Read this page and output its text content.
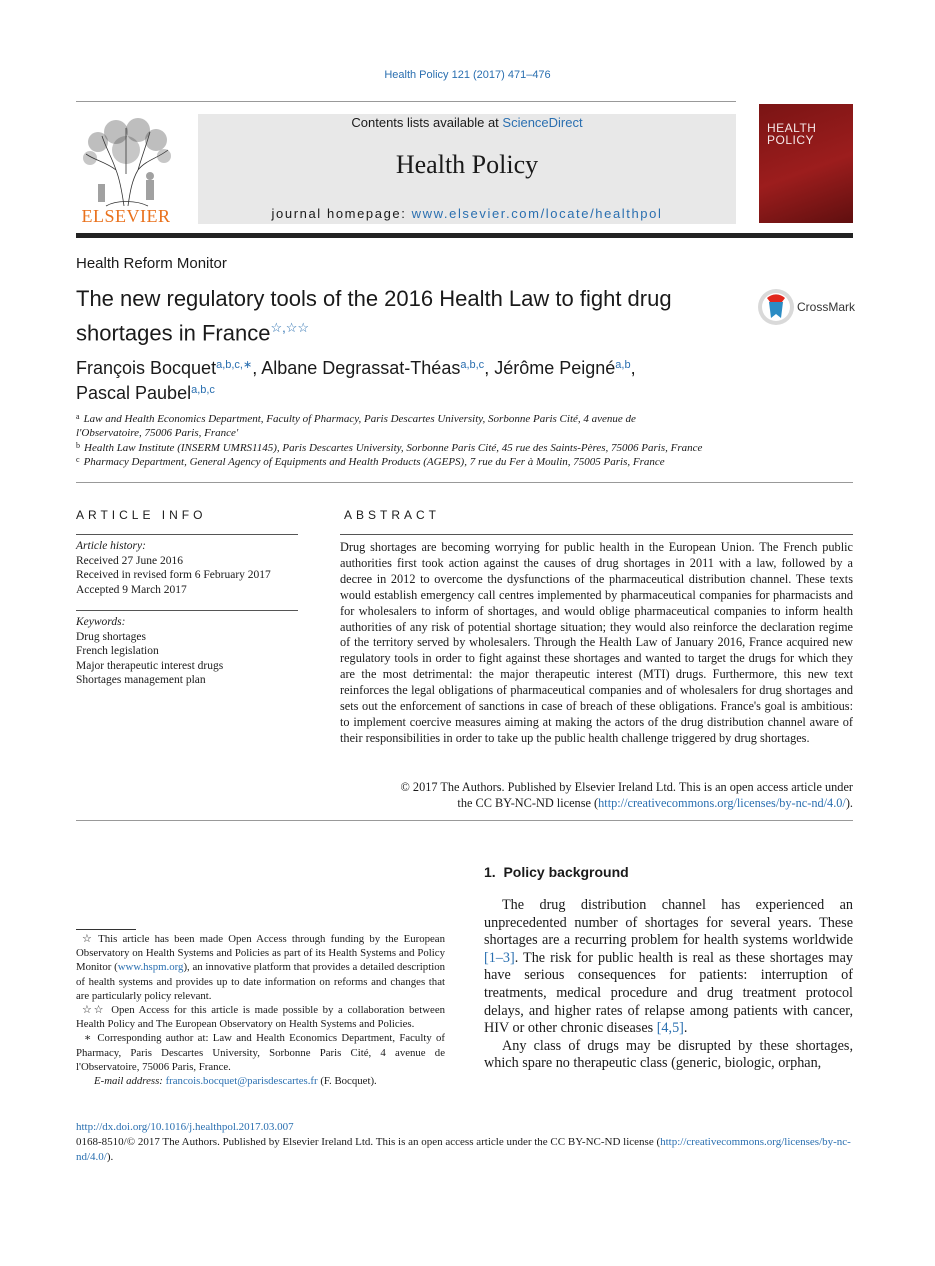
Health Policy 121 (2017) 471–476
ELSEVIER
Contents lists available at ScienceDirect
Health Policy
journal homepage: www.elsevier.com/locate/healthpol
HEALTH
POLICY
Health Reform Monitor
The new regulatory tools of the 2016 Health Law to fight drug shortages in France☆,☆☆
CrossMark
François Bocquet$^{a,b,c,∗}$, Albane Degrassat-Théas$^{a,b,c}$, Jérôme Peigné$^{a,b}$,
Pascal Paubel$^{a,b,c}$
$^a$ Law and Health Economics Department, Faculty of Pharmacy, Paris Descartes University, Sorbonne Paris Cité, 4 avenue de l'Observatoire, 75006 Paris, France'
$^b$ Health Law Institute (INSERM UMRS1145), Paris Descartes University, Sorbonne Paris Cité, 45 rue des Saints-Pères, 75006 Paris, France
$^c$ Pharmacy Department, General Agency of Equipments and Health Products (AGEPS), 7 rue du Fer à Moulin, 75005 Paris, France
ARTICLE INFO
Article history:
Received 27 June 2016
Received in revised form 6 February 2017
Accepted 9 March 2017
Keywords:
Drug shortages
French legislation
Major therapeutic interest drugs
Shortages management plan
ABSTRACT
Drug shortages are becoming worrying for public health in the European Union. The French public authorities first took action against the causes of drug shortages in 2011 with a law, followed by a decree in 2012 to overcome the dysfunctions of the pharmaceutical distribution channel. These texts would establish emergency call centres implemented by pharmaceutical companies for pharmacists and for wholesalers to inform of shortages, and would oblige pharmaceutical companies to inform health authorities of any risk of potential shortage situation; they would also reinforce the declaration regime of the territory served by wholesalers. Through the Health Law of January 2016, France acquired new regulatory tools in order to fight against these shortages and wanted to target the drugs for which they are the most detrimental: the major therapeutic interest (MTI) drugs. Furthermore, this new text reinforces the legal obligations of pharmaceutical companies and of wholesalers for drug shortages and sets out the enforcement of sanctions in case of breach of these obligations. France's goal is ambitious: to implement coercive measures aiming at making the actors of the drug distribution channel aware of their responsibilities in order to take up the public health challenge triggered by drug shortages.
© 2017 The Authors. Published by Elsevier Ireland Ltd. This is an open access article under
the CC BY-NC-ND license (http://creativecommons.org/licenses/by-nc-nd/4.0/).

☆ This article has been made Open Access through funding by the European Observatory on Health Systems and Policies as part of its Health Systems and Policy Monitor (www.hspm.org), an innovative platform that provides a detailed description of health systems and provides up to date information on reforms and changes that are particularly policy relevant.

☆☆ Open Access for this article is made possible by a collaboration between Health Policy and The European Observatory on Health Systems and Policies.

∗ Corresponding author at: Law and Health Economics Department, Faculty of Pharmacy, Paris Descartes University, Sorbonne Paris Cité, 4 avenue de l'Observatoire, 75006 Paris, France.

E-mail address: francois.bocquet@parisdescartes.fr (F. Bocquet).

1. Policy background

The drug distribution channel has experienced an unprecedented number of shortages for several years. These shortages are a recurring problem for health systems worldwide [1–3]. The risk for public health is real as these shortages may have serious consequences for patients: interruption of treatments, medical procedure and drug treatment protocol delays, and higher rates of relapse among patients with cancer, HIV or other chronic diseases [4,5].

Any class of drugs may be disrupted by these shortages, which spare no therapeutic class (generic, biologic, orphan,

http://dx.doi.org/10.1016/j.healthpol.2017.03.007
0168-8510/© 2017 The Authors. Published by Elsevier Ireland Ltd. This is an open access article under the CC BY-NC-ND license (http://creativecommons.org/licenses/by-nc-nd/4.0/).
